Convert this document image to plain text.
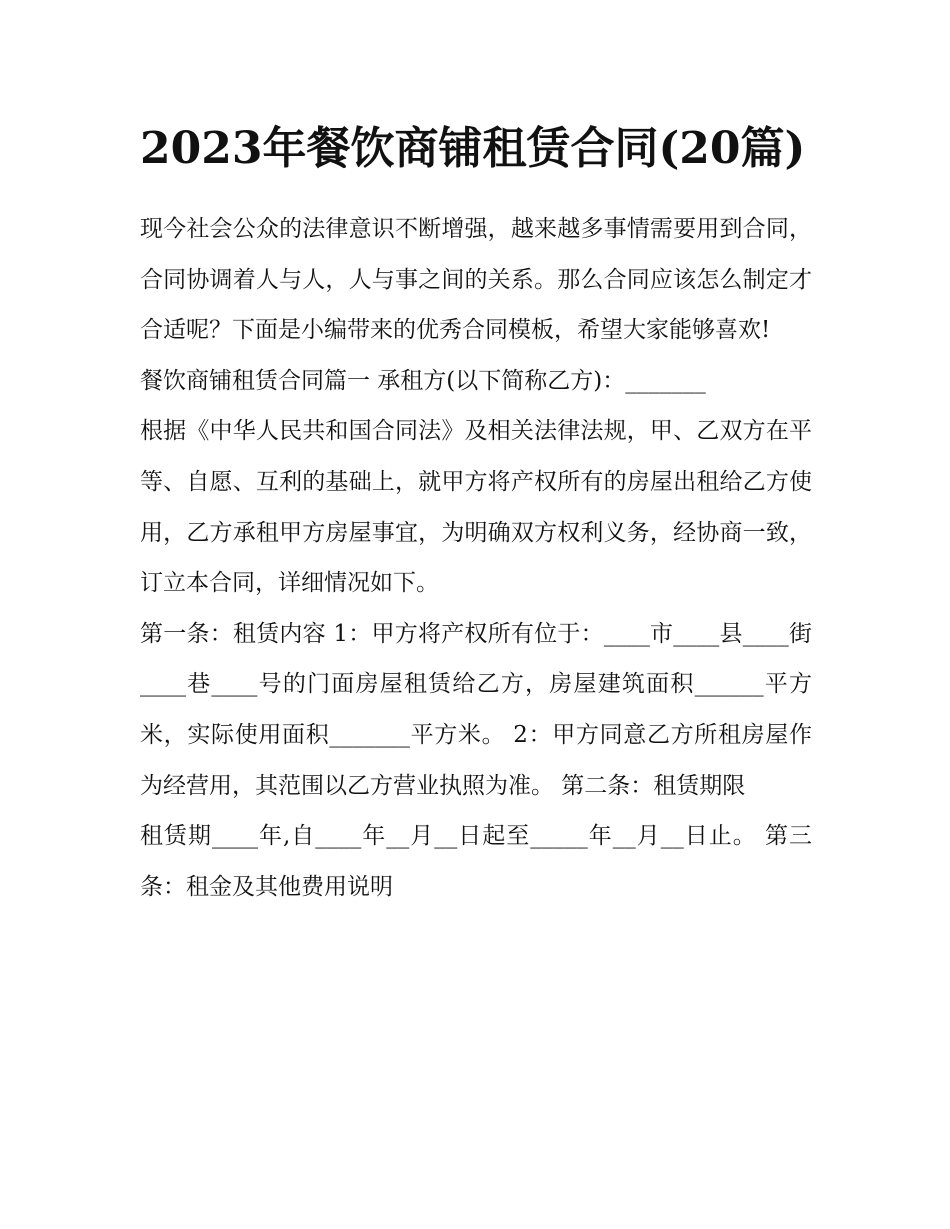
2023年餐饮商铺租赁合同(20篇)

现今社会公众的法律意识不断增强，越来越多事情需要用到合同，合同协调着人与人，人与事之间的关系。那么合同应该怎么制定才合适呢？下面是小编带来的优秀合同模板，希望大家能够喜欢!

餐饮商铺租赁合同篇一 承租方(以下简称乙方)：_______

根据《中华人民共和国合同法》及相关法律法规，甲、乙双方在平等、自愿、互利的基础上，就甲方将产权所有的房屋出租给乙方使用，乙方承租甲方房屋事宜，为明确双方权利义务，经协商一致，订立本合同，详细情况如下。

第一条：租赁内容 1：甲方将产权所有位于：____市____县____街____巷____号的门面房屋租赁给乙方，房屋建筑面积______平方米，实际使用面积_______平方米。 2：甲方同意乙方所租房屋作为经营用，其范围以乙方营业执照为准。 第二条：租赁期限

租赁期____年,自____年__月__日起至_____年__月__日止。 第三条：租金及其他费用说明
